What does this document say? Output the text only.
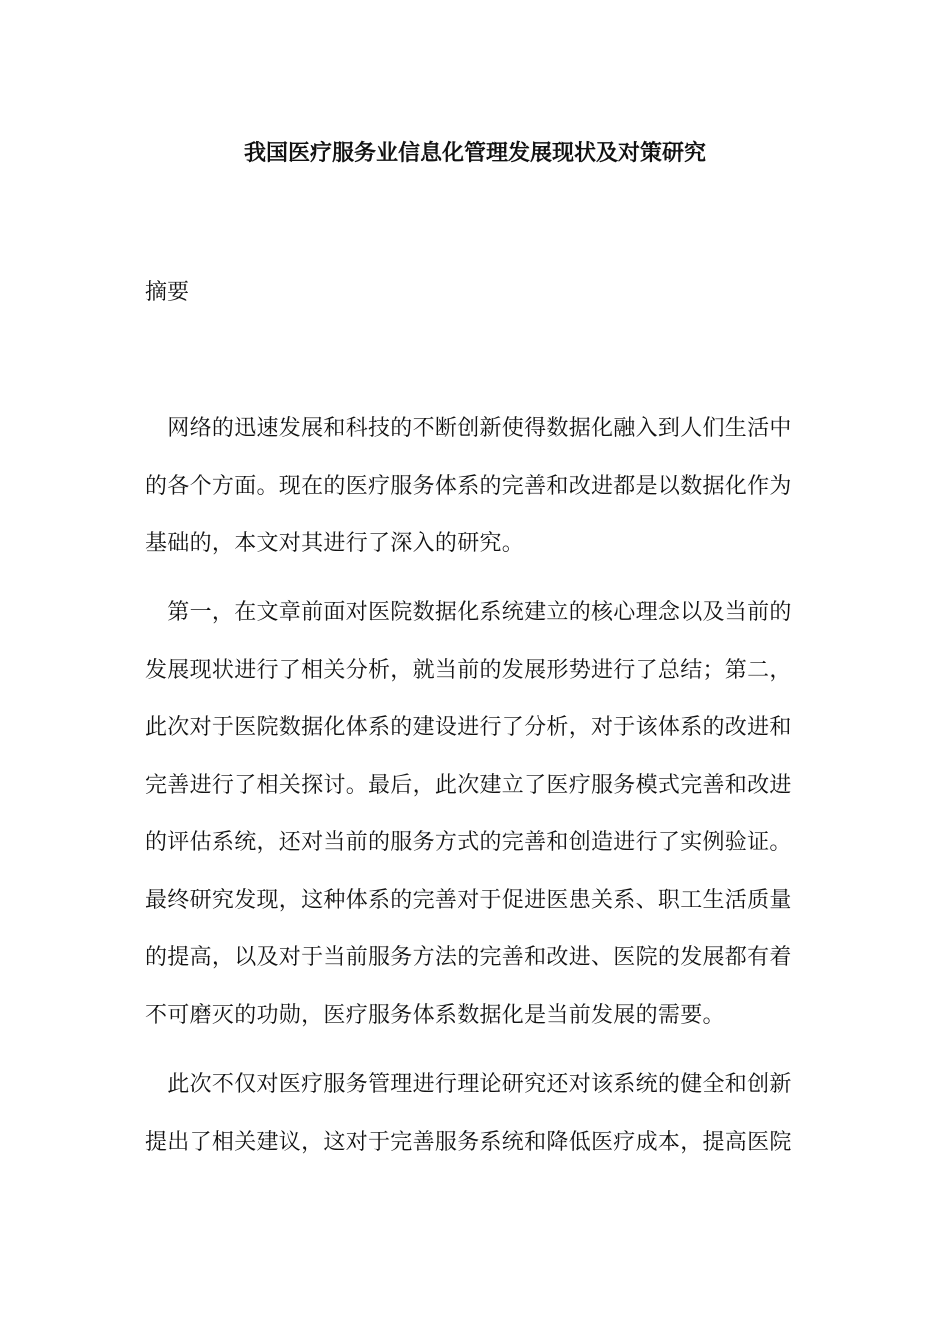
我国医疗服务业信息化管理发展现状及对策研究
摘要
　网络的迅速发展和科技的不断创新使得数据化融入到人们生活中
的各个方面。现在的医疗服务体系的完善和改进都是以数据化作为
基础的，本文对其进行了深入的研究。
　第一，在文章前面对医院数据化系统建立的核心理念以及当前的
发展现状进行了相关分析，就当前的发展形势进行了总结；第二，
此次对于医院数据化体系的建设进行了分析，对于该体系的改进和
完善进行了相关探讨。最后，此次建立了医疗服务模式完善和改进
的评估系统，还对当前的服务方式的完善和创造进行了实例验证。
最终研究发现，这种体系的完善对于促进医患关系、职工生活质量
的提高，以及对于当前服务方法的完善和改进、医院的发展都有着
不可磨灭的功勋，医疗服务体系数据化是当前发展的需要。
　此次不仅对医疗服务管理进行理论研究还对该系统的健全和创新
提出了相关建议，这对于完善服务系统和降低医疗成本，提高医院
